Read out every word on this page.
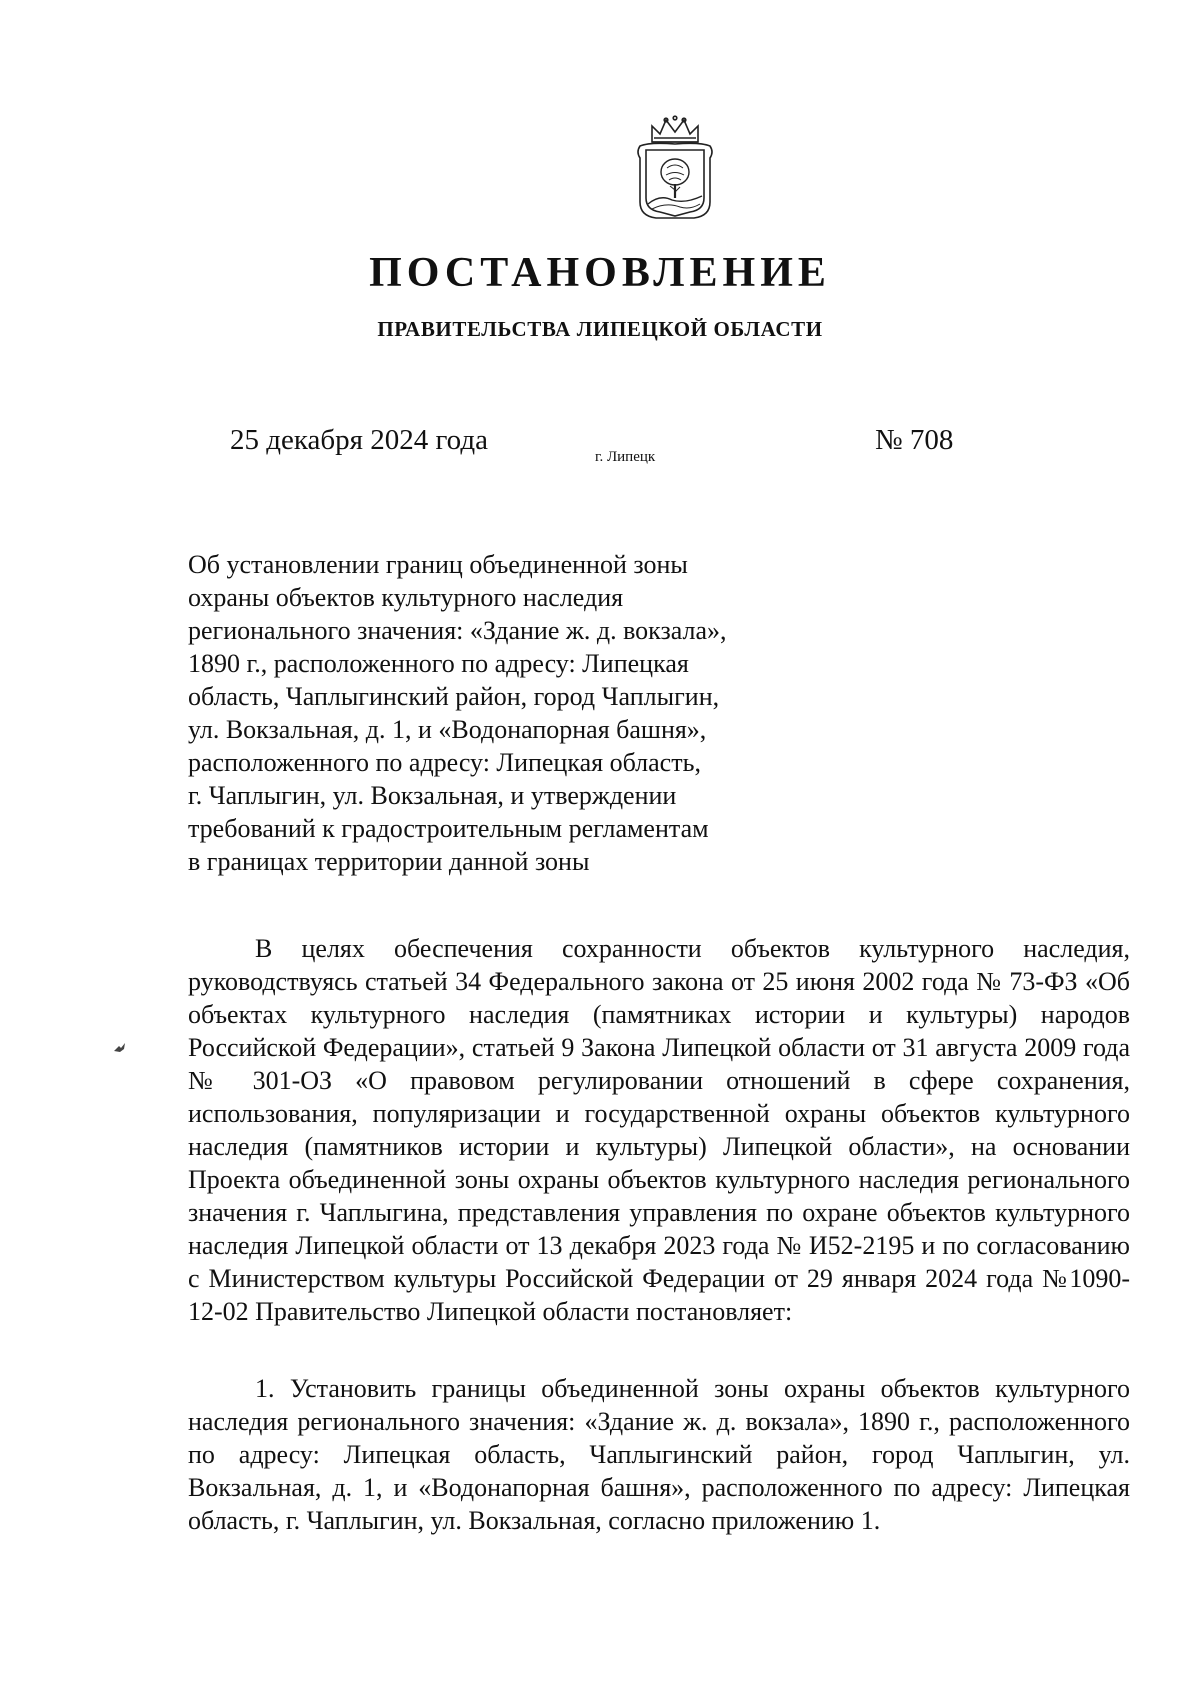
ПОСТАНОВЛЕНИЕ
ПРАВИТЕЛЬСТВА ЛИПЕЦКОЙ ОБЛАСТИ
25 декабря 2024 года
г. Липецк
№ 708
Об установлении границ объединенной зоны
охраны объектов культурного наследия
регионального значения: «Здание ж. д. вокзала»,
1890 г., расположенного по адресу: Липецкая
область, Чаплыгинский район, город Чаплыгин,
ул. Вокзальная, д. 1, и «Водонапорная башня»,
расположенного по адресу: Липецкая область,
г. Чаплыгин, ул. Вокзальная, и утверждении
требований к градостроительным регламентам
в границах территории данной зоны

В целях обеспечения сохранности объектов культурного наследия, руководствуясь статьей 34 Федерального закона от 25 июня 2002 года № 73-ФЗ «Об объектах культурного наследия (памятниках истории и культуры) народов Российской Федерации», статьей 9 Закона Липецкой области от 31 августа 2009 года № 301-ОЗ «О правовом регулировании отношений в сфере сохранения, использования, популяризации и государственной охраны объектов культурного наследия (памятников истории и культуры) Липецкой области», на основании Проекта объединенной зоны охраны объектов культурного наследия регионального значения г. Чаплыгина, представления управления по охране объектов культурного наследия Липецкой области от 13 декабря 2023 года № И52-2195 и по согласованию с Министерством культуры Российской Федерации от 29 января 2024 года №1090-12-02 Правительство Липецкой области постановляет:

1. Установить границы объединенной зоны охраны объектов культурного наследия регионального значения: «Здание ж. д. вокзала», 1890 г., расположенного по адресу: Липецкая область, Чаплыгинский район, город Чаплыгин, ул. Вокзальная, д. 1, и «Водонапорная башня», расположенного по адресу: Липецкая область, г. Чаплыгин, ул. Вокзальная, согласно приложению 1.
